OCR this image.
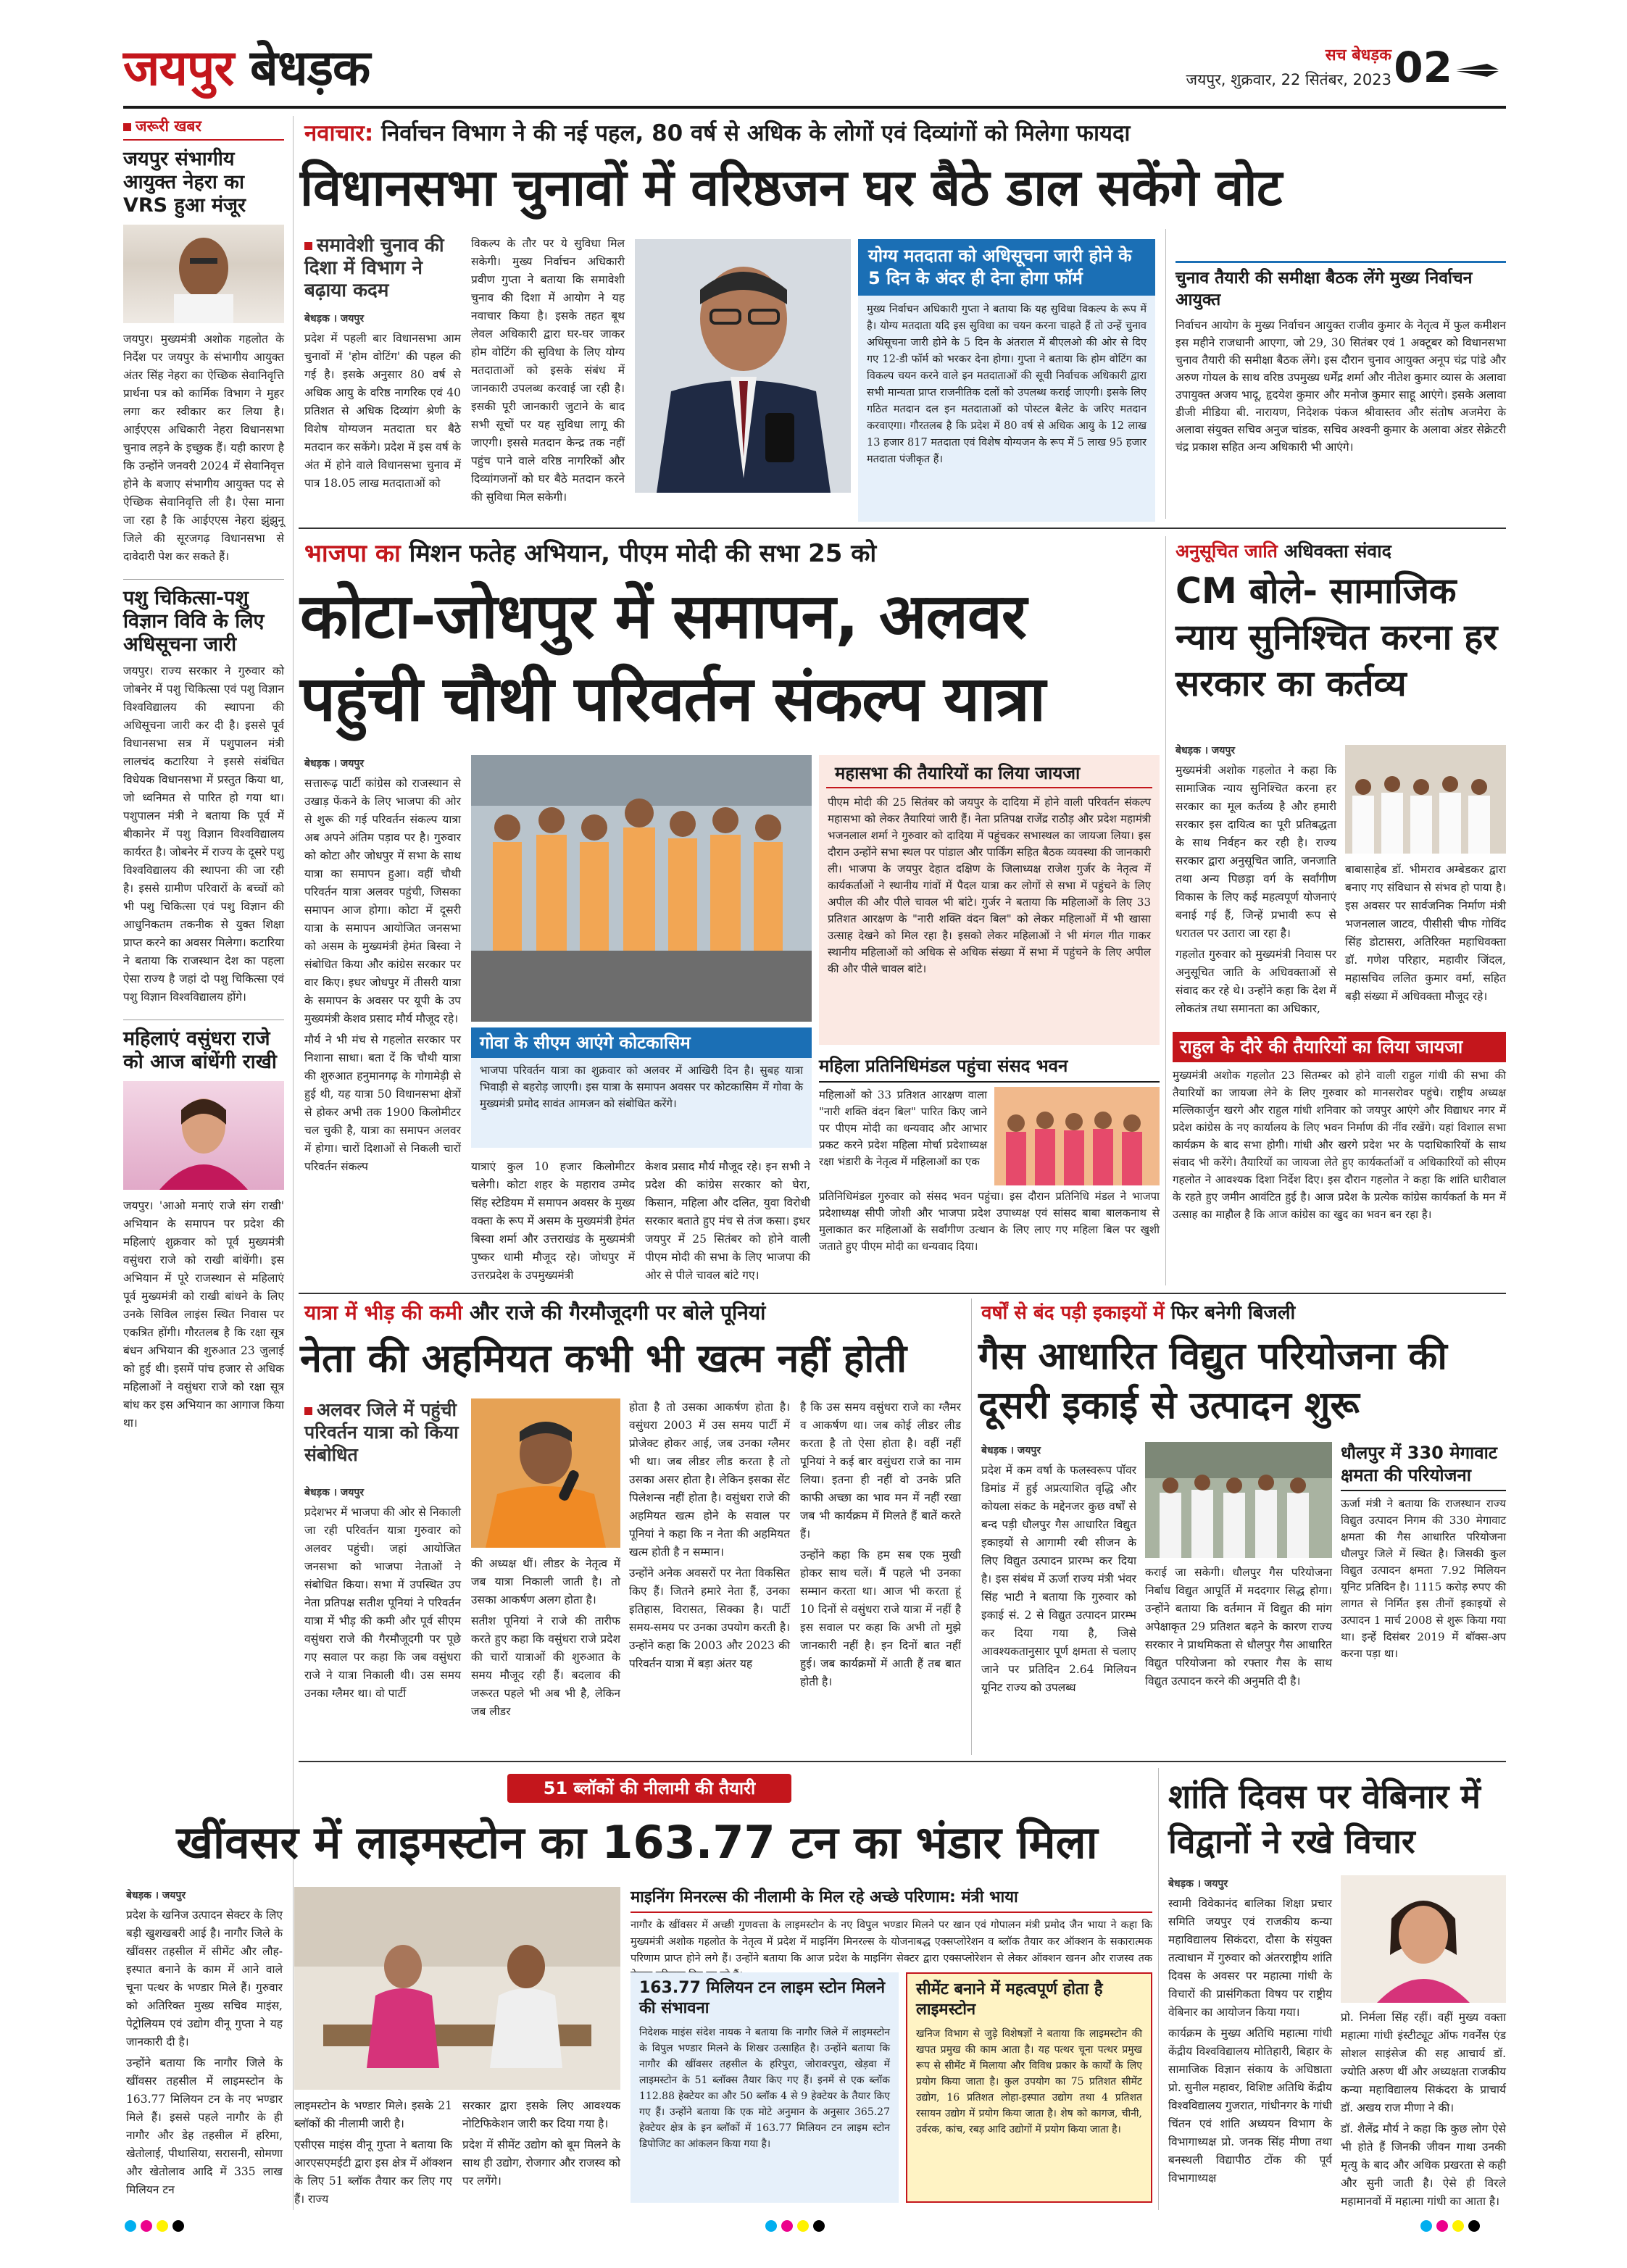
जयपुर बेधड़क	सच बेधड़क
जयपुर, शुक्रवार, 22 सितंबर, 2023 02
जरूरी खबर
जयपुर संभागीय आयुक्त नेहरा का VRS हुआ मंजूर
जयपुर। मुख्यमंत्री अशोक गहलोत के निर्देश पर जयपुर के संभागीय आयुक्त अंतर सिंह नेहरा का ऐच्छिक सेवानिवृत्ति प्रार्थना पत्र को कार्मिक विभाग ने मुहर लगा कर स्वीकार कर लिया है। आईएएस अधिकारी नेहरा विधानसभा चुनाव लड़ने के इच्छुक हैं। यही कारण है कि उन्होंने जनवरी 2024 में सेवानिवृत्त होने के बजाए संभागीय आयुक्त पद से ऐच्छिक सेवानिवृत्ति ली है। ऐसा माना जा रहा है कि आईएएस नेहरा झुंझुनू जिले की सूरजगढ़ विधानसभा से दावेदारी पेश कर सकते हैं।
पशु चिकित्सा-पशु विज्ञान विवि के लिए अधिसूचना जारी
जयपुर। राज्य सरकार ने गुरुवार को जोबनेर में पशु चिकित्सा एवं पशु विज्ञान विश्वविद्यालय की स्थापना की अधिसूचना जारी कर दी है। इससे पूर्व विधानसभा सत्र में पशुपालन मंत्री लालचंद कटारिया ने इससे संबंधित विधेयक विधानसभा में प्रस्तुत किया था, जो ध्वनिमत से पारित हो गया था। पशुपालन मंत्री ने बताया कि पूर्व में बीकानेर में पशु विज्ञान विश्वविद्यालय कार्यरत है। जोबनेर में राज्य के दूसरे पशु विश्वविद्यालय की स्थापना की जा रही है। इससे ग्रामीण परिवारों के बच्चों को भी पशु चिकित्सा एवं पशु विज्ञान की आधुनिकतम तकनीक से युक्त शिक्षा प्राप्त करने का अवसर मिलेगा। कटारिया ने बताया कि राजस्थान देश का पहला ऐसा राज्य है जहां दो पशु चिकित्सा एवं पशु विज्ञान विश्वविद्यालय होंगे।
महिलाएं वसुंधरा राजे को आज बांधेंगी राखी
जयपुर। 'आओ मनाएं राजे संग राखी' अभियान के समापन पर प्रदेश की महिलाएं शुक्रवार को पूर्व मुख्यमंत्री वसुंधरा राजे को राखी बांधेंगी। इस अभियान में पूरे राजस्थान से महिलाएं पूर्व मुख्यमंत्री को राखी बांधने के लिए उनके सिविल लाइंस स्थित निवास पर एकत्रित होंगी। गौरतलब है कि रक्षा सूत्र बंधन अभियान की शुरुआत 23 जुलाई को हुई थी। इसमें पांच हजार से अधिक महिलाओं ने वसुंधरा राजे को रक्षा सूत्र बांध कर इस अभियान का आगाज किया था।
नवाचार: निर्वाचन विभाग ने की नई पहल, 80 वर्ष से अधिक के लोगों एवं दिव्यांगों को मिलेगा फायदा
विधानसभा चुनावों में वरिष्ठजन घर बैठे डाल सकेंगे वोट
समावेशी चुनाव की दिशा में विभाग ने बढ़ाया कदम
बेधड़क । जयपुर
प्रदेश में पहली बार विधानसभा आम चुनावों में 'होम वोटिंग' की पहल की गई है। इसके अनुसार 80 वर्ष से अधिक आयु के वरिष्ठ नागरिक एवं 40 प्रतिशत से अधिक दिव्यांग श्रेणी के विशेष योग्यजन मतदाता घर बैठे मतदान कर सकेंगे। प्रदेश में इस वर्ष के अंत में होने वाले विधानसभा चुनाव में पात्र 18.05 लाख मतदाताओं को
विकल्प के तौर पर ये सुविधा मिल सकेगी। मुख्य निर्वाचन अधिकारी प्रवीण गुप्ता ने बताया कि समावेशी चुनाव की दिशा में आयोग ने यह नवाचार किया है। इसके तहत बूथ लेवल अधिकारी द्वारा घर-घर जाकर होम वोटिंग की सुविधा के लिए योग्य मतदाताओं को इसके संबंध में जानकारी उपलब्ध करवाई जा रही है। इसकी पूरी जानकारी जुटाने के बाद सभी सूचों पर यह सुविधा लागू की जाएगी। इससे मतदान केन्द्र तक नहीं पहुंच पाने वाले वरिष्ठ नागरिकों और दिव्यांगजनों को घर बैठे मतदान करने की सुविधा मिल सकेगी।
योग्य मतदाता को अधिसूचना जारी होने के 5 दिन के अंदर ही देना होगा फॉर्म
मुख्य निर्वाचन अधिकारी गुप्ता ने बताया कि यह सुविधा विकल्प के रूप में है। योग्य मतदाता यदि इस सुविधा का चयन करना चाहते हैं तो उन्हें चुनाव अधिसूचना जारी होने के 5 दिन के अंतराल में बीएलओ की ओर से दिए गए 12-डी फॉर्म को भरकर देना होगा। गुप्ता ने बताया कि होम वोटिंग का विकल्प चयन करने वाले इन मतदाताओं की सूची निर्वाचक अधिकारी द्वारा सभी मान्यता प्राप्त राजनीतिक दलों को उपलब्ध कराई जाएगी। इसके लिए गठित मतदान दल इन मतदाताओं को पोस्टल बैलेट के जरिए मतदान करवाएगा। गौरतलब है कि प्रदेश में 80 वर्ष से अधिक आयु के 12 लाख 13 हजार 817 मतदाता एवं विशेष योग्यजन के रूप में 5 लाख 95 हजार मतदाता पंजीकृत हैं।
चुनाव तैयारी की समीक्षा बैठक लेंगे मुख्य निर्वाचन आयुक्त
निर्वाचन आयोग के मुख्य निर्वाचन आयुक्त राजीव कुमार के नेतृत्व में फुल कमीशन इस महीने राजधानी आएगा, जो 29, 30 सितंबर एवं 1 अक्टूबर को विधानसभा चुनाव तैयारी की समीक्षा बैठक लेंगे। इस दौरान चुनाव आयुक्त अनूप चंद्र पांडे और अरुण गोयल के साथ वरिष्ठ उपमुख्य धर्मेंद्र शर्मा और नीतेश कुमार व्यास के अलावा उपायुक्त अजय भादू, हृदयेश कुमार और मनोज कुमार साहू आएंगे। इसके अलावा डीजी मीडिया बी. नारायण, निदेशक पंकज श्रीवास्तव और संतोष अजमेरा के अलावा संयुक्त सचिव अनुज चांडक, सचिव अश्वनी कुमार के अलावा अंडर सेक्रेटरी चंद्र प्रकाश सहित अन्य अधिकारी भी आएंगे।
भाजपा का मिशन फतेह अभियान, पीएम मोदी की सभा 25 को
कोटा-जोधपुर में समापन, अलवर
पहुंची चौथी परिवर्तन संकल्प यात्रा
बेधड़क । जयपुर
सत्तारूढ़ पार्टी कांग्रेस को राजस्थान से उखाड़ फेंकने के लिए भाजपा की ओर से शुरू की गई परिवर्तन संकल्प यात्रा अब अपने अंतिम पड़ाव पर है। गुरुवार को कोटा और जोधपुर में सभा के साथ यात्रा का समापन हुआ। वहीं चौथी परिवर्तन यात्रा अलवर पहुंची, जिसका समापन आज होगा। कोटा में दूसरी यात्रा के समापन आयोजित जनसभा को असम के मुख्यमंत्री हेमंत बिस्वा ने संबोधित किया और कांग्रेस सरकार पर वार किए। इधर जोधपुर में तीसरी यात्रा के समापन के अवसर पर यूपी के उप मुख्यमंत्री केशव प्रसाद मौर्य मौजूद रहे।

मौर्य ने भी मंच से गहलोत सरकार पर निशाना साधा। बता दें कि चौथी यात्रा की शुरुआत हनुमानगढ़ के गोगामेड़ी से हुई थी, यह यात्रा 50 विधानसभा क्षेत्रों से होकर अभी तक 1900 किलोमीटर चल चुकी है, यात्रा का समापन अलवर में होगा। चारों दिशाओं से निकली चारों परिवर्तन संकल्प

गोवा के सीएम आएंगे कोटकासिम
भाजपा परिवर्तन यात्रा का शुक्रवार को अलवर में आखिरी दिन है। सुबह यात्रा भिवाड़ी से बहरोड़ जाएगी। इस यात्रा के समापन अवसर पर कोटकासिम में गोवा के मुख्यमंत्री प्रमोद सावंत आमजन को संबोधित करेंगे।
महासभा की तैयारियों का लिया जायजा
पीएम मोदी की 25 सितंबर को जयपुर के दादिया में होने वाली परिवर्तन संकल्प महासभा को लेकर तैयारियां जारी हैं। नेता प्रतिपक्ष राजेंद्र राठौड़ और प्रदेश महामंत्री भजनलाल शर्मा ने गुरुवार को दादिया में पहुंचकर सभास्थल का जायजा लिया। इस दौरान उन्होंने सभा स्थल पर पांडाल और पार्किंग सहित बैठक व्यवस्था की जानकारी ली। भाजपा के जयपुर देहात दक्षिण के जिलाध्यक्ष राजेश गुर्जर के नेतृत्व में कार्यकर्ताओं ने स्थानीय गांवों में पैदल यात्रा कर लोगों से सभा में पहुंचने के लिए अपील की और पीले चावल भी बांटे। गुर्जर ने बताया कि महिलाओं के लिए 33 प्रतिशत आरक्षण के "नारी शक्ति वंदन बिल" को लेकर महिलाओं में भी खासा उत्साह देखने को मिल रहा है। इसको लेकर महिलाओं ने भी मंगल गीत गाकर स्थानीय महिलाओं को अधिक से अधिक संख्या में सभा में पहुंचने के लिए अपील की और पीले चावल बांटे।
यात्राएं कुल 10 हजार किलोमीटर चलेगी। कोटा शहर के महाराव उम्मेद सिंह स्टेडियम में समापन अवसर के मुख्य वक्ता के रूप में असम के मुख्यमंत्री हेमंत बिस्वा शर्मा और उत्तराखंड के मुख्यमंत्री पुष्कर धामी मौजूद रहे। जोधपुर में उत्तरप्रदेश के उपमुख्यमंत्री
केशव प्रसाद मौर्य मौजूद रहे। इन सभी ने प्रदेश की कांग्रेस सरकार को घेरा, किसान, महिला और दलित, युवा विरोधी सरकार बताते हुए मंच से तंज कसा। इधर जयपुर में 25 सितंबर को होने वाली पीएम मोदी की सभा के लिए भाजपा की ओर से पीले चावल बांटे गए।
महिला प्रतिनिधिमंडल पहुंचा संसद भवन
महिलाओं को 33 प्रतिशत आरक्षण वाला "नारी शक्ति वंदन बिल" पारित किए जाने पर पीएम मोदी का धन्यवाद और आभार प्रकट करने प्रदेश महिला मोर्चा प्रदेशाध्यक्ष रक्षा भंडारी के नेतृत्व में महिलाओं का एक
प्रतिनिधिमंडल गुरुवार को संसद भवन पहुंचा। इस दौरान प्रतिनिधि मंडल ने भाजपा प्रदेशाध्यक्ष सीपी जोशी और भाजपा प्रदेश उपाध्यक्ष एवं सांसद बाबा बालकनाथ से मुलाकात कर महिलाओं के सर्वांगीण उत्थान के लिए लाए गए महिला बिल पर खुशी जताते हुए पीएम मोदी का धन्यवाद दिया।
अनुसूचित जाति अधिवक्ता संवाद
CM बोले- सामाजिक न्याय सुनिश्चित करना हर सरकार का कर्तव्य
बेधड़क । जयपुर
मुख्यमंत्री अशोक गहलोत ने कहा कि सामाजिक न्याय सुनिश्चित करना हर सरकार का मूल कर्तव्य है और हमारी सरकार इस दायित्व का पूरी प्रतिबद्धता के साथ निर्वहन कर रही है। राज्य सरकार द्वारा अनुसूचित जाति, जनजाति तथा अन्य पिछड़ा वर्ग के सर्वांगीण विकास के लिए कई महत्वपूर्ण योजनाएं बनाई गई हैं, जिन्हें प्रभावी रूप से धरातल पर उतारा जा रहा है।

गहलोत गुरुवार को मुख्यमंत्री निवास पर अनुसूचित जाति के अधिवक्ताओं से संवाद कर रहे थे। उन्होंने कहा कि देश में लोकतंत्र तथा समानता का अधिकार,

बाबासाहेब डॉ. भीमराव अम्बेडकर द्वारा बनाए गए संविधान से संभव हो पाया है। इस अवसर पर सार्वजनिक निर्माण मंत्री भजनलाल जाटव, पीसीसी चीफ गोविंद सिंह डोटासरा, अतिरिक्त महाधिवक्ता डॉ. गणेश परिहार, महावीर जिंदल, महासचिव ललित कुमार वर्मा, सहित बड़ी संख्या में अधिवक्ता मौजूद रहे।
राहुल के दौरे की तैयारियों का लिया जायजा
मुख्यमंत्री अशोक गहलोत 23 सितम्बर को होने वाली राहुल गांधी की सभा की तैयारियों का जायजा लेने के लिए गुरुवार को मानसरोवर पहुंचे। राष्ट्रीय अध्यक्ष मल्लिकार्जुन खरगे और राहुल गांधी शनिवार को जयपुर आएंगे और विद्याधर नगर में प्रदेश कांग्रेस के नए कार्यालय के लिए भवन निर्माण की नींव रखेंगे। यहां विशाल सभा कार्यक्रम के बाद सभा होगी। गांधी और खरगे प्रदेश भर के पदाधिकारियों के साथ संवाद भी करेंगे। तैयारियों का जायजा लेते हुए कार्यकर्ताओं व अधिकारियों को सीएम गहलोत ने आवश्यक दिशा निर्देश दिए। इस दौरान गहलोत ने कहा कि शांति धारीवाल के रहते हुए जमीन आवंटित हुई है। आज प्रदेश के प्रत्येक कांग्रेस कार्यकर्ता के मन में उत्साह का माहौल है कि आज कांग्रेस का खुद का भवन बन रहा है।
यात्रा में भीड़ की कमी और राजे की गैरमौजूदगी पर बोले पूनियां
नेता की अहमियत कभी भी खत्म नहीं होती
अलवर जिले में पहुंची परिवर्तन यात्रा को किया संबोधित
बेधड़क । जयपुर
प्रदेशभर में भाजपा की ओर से निकाली जा रही परिवर्तन यात्रा गुरुवार को अलवर पहुंची। जहां आयोजित जनसभा को भाजपा नेताओं ने संबोधित किया। सभा में उपस्थित उप नेता प्रतिपक्ष सतीश पूनियां ने परिवर्तन यात्रा में भीड़ की कमी और पूर्व सीएम वसुंधरा राजे की गैरमौजूदगी पर पूछे गए सवाल पर कहा कि जब वसुंधरा राजे ने यात्रा निकाली थी। उस समय उनका ग्लैमर था। वो पार्टी
की अध्यक्ष थीं। लीडर के नेतृत्व में जब यात्रा निकाली जाती है। तो उसका आकर्षण अलग होता है।

सतीश पूनियां ने राजे की तारीफ करते हुए कहा कि वसुंधरा राजे प्रदेश की चारों यात्राओं की शुरुआत के समय मौजूद रही हैं। बदलाव की जरूरत पहले भी अब भी है, लेकिन जब लीडर

होता है तो उसका आकर्षण होता है। वसुंधरा 2003 में उस समय पार्टी में प्रोजेक्ट होकर आई, जब उनका ग्लैमर भी था। जब लीडर लीड करता है तो उसका असर होता है। लेकिन इसका सेंट पिलेशन्स नहीं होता है। वसुंधरा राजे की अहमियत खत्म होने के सवाल पर पूनियां ने कहा कि न नेता की अहमियत खत्म होती है न सम्मान।

उन्होंने अनेक अवसरों पर नेता विकसित किए हैं। जितने हमारे नेता हैं, उनका इतिहास, विरासत, सिक्का है। पार्टी समय-समय पर उनका उपयोग करती है। उन्होंने कहा कि 2003 और 2023 की परिवर्तन यात्रा में बड़ा अंतर यह

है कि उस समय वसुंधरा राजे का ग्लैमर व आकर्षण था। जब कोई लीडर लीड करता है तो ऐसा होता है। वहीं नहीं पूनियां ने कई बार वसुंधरा राजे का नाम लिया। इतना ही नहीं वो उनके प्रति काफी अच्छा का भाव मन में नहीं रखा जब भी कार्यक्रम में मिलते हैं बातें करते हैं।

उन्होंने कहा कि हम सब एक मुखी होकर साथ चलें। मैं पहले भी उनका सम्मान करता था। आज भी करता हूं 10 दिनों से वसुंधरा राजे यात्रा में नहीं है इस सवाल पर कहा कि अभी तो मुझे जानकारी नहीं है। इन दिनों बात नहीं हुई। जब कार्यक्रमों में आती हैं तब बात होती है।

वर्षों से बंद पड़ी इकाइयों में फिर बनेगी बिजली
गैस आधारित विद्युत परियोजना की दूसरी इकाई से उत्पादन शुरू
बेधड़क । जयपुर
प्रदेश में कम वर्षा के फलस्वरूप पॉवर डिमांड में हुई अप्रत्याशित वृद्धि और कोयला संकट के मद्देनजर कुछ वर्षों से बन्द पड़ी धौलपुर गैस आधारित विद्युत इकाइयों से आगामी रबी सीजन के लिए विद्युत उत्पादन प्रारम्भ कर दिया है। इस संबंध में ऊर्जा राज्य मंत्री भंवर सिंह भाटी ने बताया कि गुरुवार को इकाई सं. 2 से विद्युत उत्पादन प्रारम्भ कर दिया गया है, जिसे आवश्यकतानुसार पूर्ण क्षमता से चलाए जाने पर प्रतिदिन 2.64 मिलियन यूनिट राज्य को उपलब्ध
कराई जा सकेगी। धौलपुर गैस परियोजना निर्बाध विद्युत आपूर्ति में मददगार सिद्ध होगा। उन्होंने बताया कि वर्तमान में विद्युत की मांग अपेक्षाकृत 29 प्रतिशत बढ़ने के कारण राज्य सरकार ने प्राथमिकता से धौलपुर गैस आधारित विद्युत परियोजना को रफ्तार गैस के साथ विद्युत उत्पादन करने की अनुमति दी है।
धौलपुर में 330 मेगावाट क्षमता की परियोजना
ऊर्जा मंत्री ने बताया कि राजस्थान राज्य विद्युत उत्पादन निगम की 330 मेगावाट क्षमता की गैस आधारित परियोजना धौलपुर जिले में स्थित है। जिसकी कुल विद्युत उत्पादन क्षमता 7.92 मिलियन यूनिट प्रतिदिन है। 1115 करोड़ रुपए की लागत से निर्मित इस तीनों इकाइयों से उत्पादन 1 मार्च 2008 से शुरू किया गया था। इन्हें दिसंबर 2019 में बॉक्स-अप करना पड़ा था।
51 ब्लॉकों की नीलामी की तैयारी
खींवसर में लाइमस्टोन का 163.77 टन का भंडार मिला
बेधड़क । जयपुर
प्रदेश के खनिज उत्पादन सेक्टर के लिए बड़ी खुशखबरी आई है। नागौर जिले के खींवसर तहसील में सीमेंट और लौह-इस्पात बनाने के काम में आने वाले चूना पत्थर के भण्डार मिले हैं। गुरुवार को अतिरिक्त मुख्य सचिव माइंस, पेट्रोलियम एवं उद्योग वीनू गुप्ता ने यह जानकारी दी है।

उन्होंने बताया कि नागौर जिले के खींवसर तहसील में लाइमस्टोन के 163.77 मिलियन टन के नए भण्डार मिले हैं। इससे पहले नागौर के ही नागौर और डेह तहसील में हरिमा, खेतोलाई, पीथासिया, सरासनी, सोमणा और खेतोलाव आदि में 335 लाख मिलियन टन

लाइमस्टोन के भण्डार मिले। इसके 21 ब्लॉकों की नीलामी जारी है।

एसीएस माइंस वीनू गुप्ता ने बताया कि आरएसएमईटी द्वारा इस क्षेत्र में ऑक्शन के लिए 51 ब्लॉक तैयार कर लिए गए हैं। राज्य

सरकार द्वारा इसके लिए आवश्यक नोटिफिकेशन जारी कर दिया गया है।

प्रदेश में सीमेंट उद्योग को बूम मिलने के साथ ही उद्योग, रोजगार और राजस्व को पर लगेंगे।

माइनिंग मिनरल्स की नीलामी के मिल रहे अच्छे परिणाम: मंत्री भाया
नागौर के खींवसर में अच्छी गुणवत्ता के लाइमस्टोन के नए विपुल भण्डार मिलने पर खान एवं गोपालन मंत्री प्रमोद जैन भाया ने कहा कि मुख्यमंत्री अशोक गहलोत के नेतृत्व में प्रदेश में माइनिंग मिनरल्स के योजनाबद्ध एक्सप्लोरेशन व ब्लॉक तैयार कर ऑक्शन के सकारात्मक परिणाम प्राप्त होने लगे हैं। उन्होंने बताया कि आज प्रदेश के माइनिंग सेक्टर द्वारा एक्सप्लोरेशन से लेकर ऑक्शन खनन और राजस्व तक
163.77 मिलियन टन लाइम स्टोन मिलने की संभावना
निदेशक माइंस संदेश नायक ने बताया कि नागौर जिले में लाइमस्टोन के विपुल भण्डार मिलने के शिखर उत्साहित है। उन्होंने बताया कि नागौर की खींवसर तहसील के हरिपुरा, जोरावरपुरा, खेड़वा में लाइमस्टोन के 51 ब्लॉक्स तैयार किए गए हैं। इनमें से एक ब्लॉक 112.88 हेक्टेयर का और 50 ब्लॉक 4 से 9 हेक्टेयर के तैयार किए गए हैं। उन्होंने बताया कि एक मोटे अनुमान के अनुसार 365.27 हेक्टेयर क्षेत्र के इन ब्लॉकों में 163.77 मिलियन टन लाइम स्टोन डिपोजिट का आंकलन किया गया है।
सीमेंट बनाने में महत्वपूर्ण होता है लाइमस्टोन
खनिज विभाग से जुड़े विशेषज्ञों ने बताया कि लाइमस्टोन की खपत प्रमुख की काम आता है। यह पत्थर चूना पत्थर प्रमुख रूप से सीमेंट में मिलाया और विविध प्रकार के कार्यों के लिए प्रयोग किया जाता है। कुल उपयोग का 75 प्रतिशत सीमेंट उद्योग, 16 प्रतिशत लोहा-इस्पात उद्योग तथा 4 प्रतिशत रसायन उद्योग में प्रयोग किया जाता है। शेष को कागज, चीनी, उर्वरक, कांच, रबड़ आदि उद्योगों में प्रयोग किया जाता है।
शांति दिवस पर वेबिनार में विद्वानों ने रखे विचार
बेधड़क । जयपुर
स्वामी विवेकानंद बालिका शिक्षा प्रचार समिति जयपुर एवं राजकीय कन्या महाविद्यालय सिकंदरा, दौसा के संयुक्त तत्वाधान में गुरुवार को अंतरराष्ट्रीय शांति दिवस के अवसर पर महात्मा गांधी के विचारों की प्रासंगिकता विषय पर राष्ट्रीय वेबिनार का आयोजन किया गया।

कार्यक्रम के मुख्य अतिथि महात्मा गांधी केंद्रीय विश्वविद्यालय मोतिहारी, बिहार के सामाजिक विज्ञान संकाय के अधिष्ठाता प्रो. सुनील महावर, विशिष्ट अतिथि केंद्रीय विश्वविद्यालय गुजरात, गांधीनगर के गांधी चिंतन एवं शांति अध्ययन विभाग के विभागाध्यक्ष प्रो. जनक सिंह मीणा तथा बनस्थली विद्यापीठ टोंक की पूर्व विभागाध्यक्ष

प्रो. निर्मला सिंह रहीं। वहीं मुख्य वक्ता महात्मा गांधी इंस्टीट्यूट ऑफ गवर्नेंस एंड सोशल साइंसेज की सह आचार्य डॉ. ज्योति अरुण थीं और अध्यक्षता राजकीय कन्या महाविद्यालय सिकंदरा के प्राचार्य डॉ. अखय राज मीणा ने की।

डॉ. शैलेंद्र मौर्य ने कहा कि कुछ लोग ऐसे भी होते हैं जिनकी जीवन गाथा उनकी मृत्यु के बाद और अधिक प्रखरता से कही और सुनी जाती है। ऐसे ही विरले महामानवों में महात्मा गांधी का आता है।
